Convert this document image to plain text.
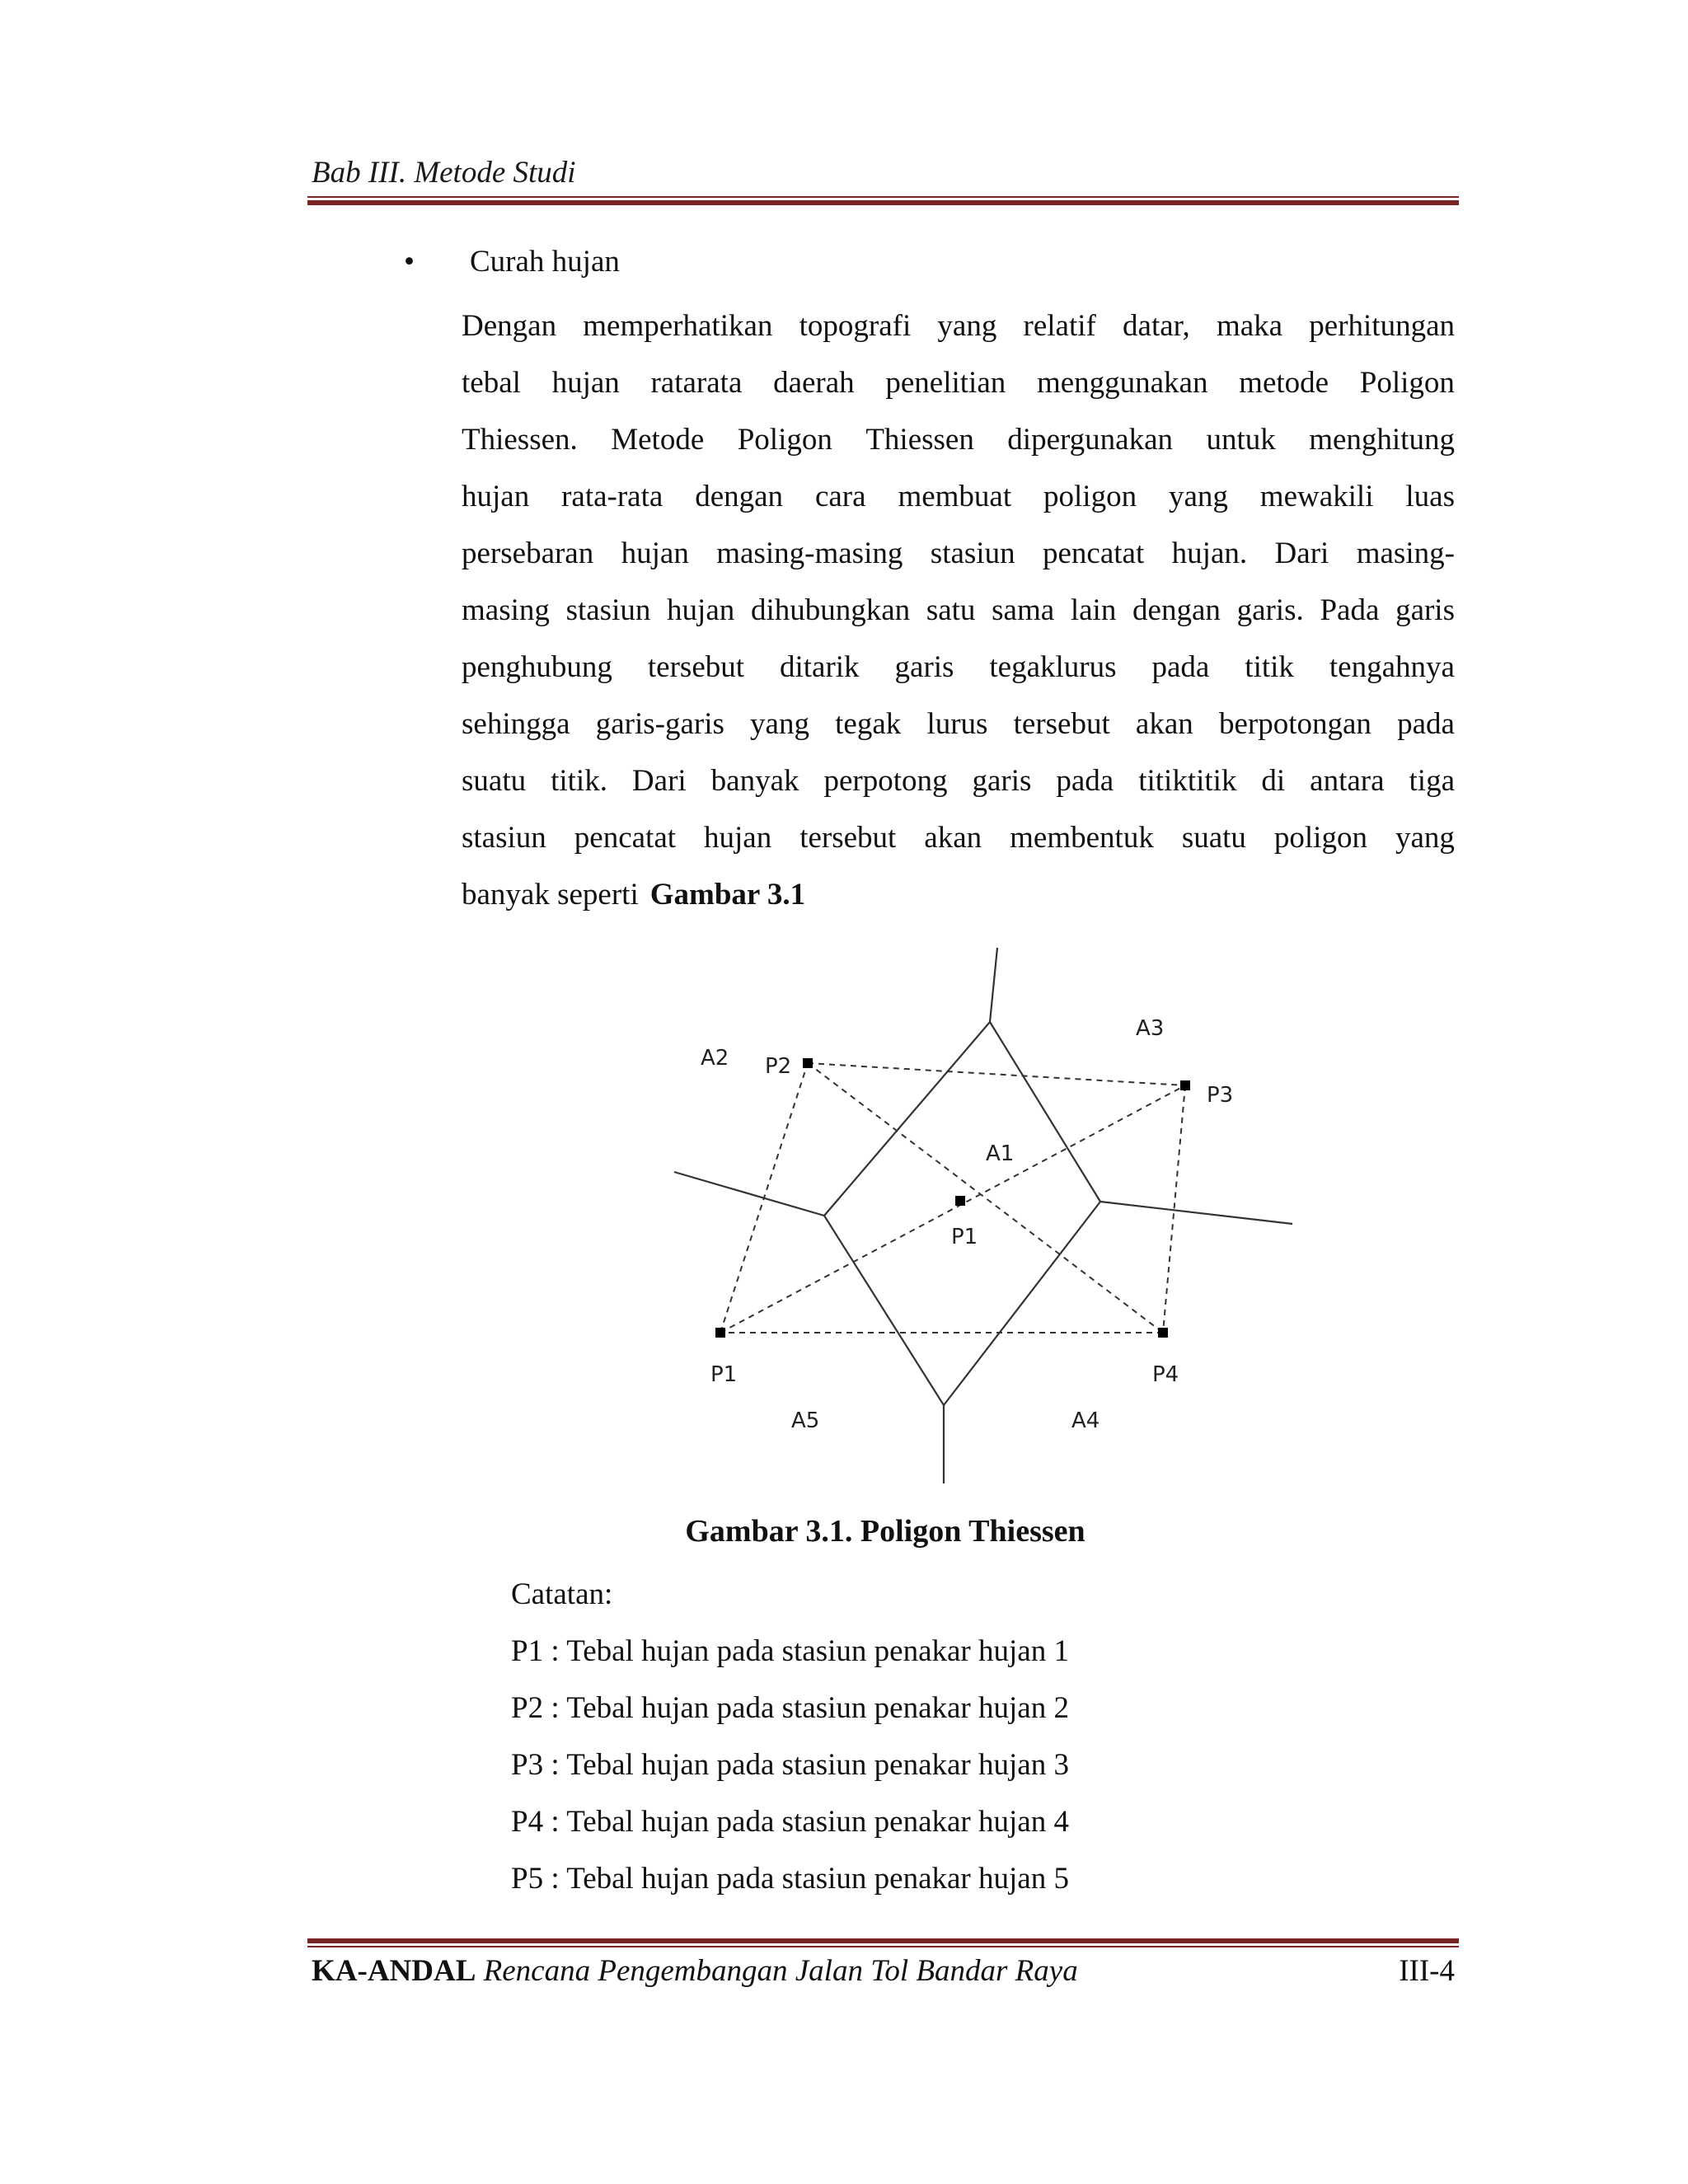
Bab III. Metode Studi
• Curah hujan
Dengan memperhatikan topografi yang relatif datar, maka perhitungan
tebal hujan ratarata daerah penelitian menggunakan metode Poligon
Thiessen. Metode Poligon Thiessen dipergunakan untuk menghitung
hujan rata-rata dengan cara membuat poligon yang mewakili luas
persebaran hujan masing-masing stasiun pencatat hujan. Dari masing-
masing stasiun hujan dihubungkan satu sama lain dengan garis. Pada garis
penghubung tersebut ditarik garis tegaklurus pada titik tengahnya
sehingga garis-garis yang tegak lurus tersebut akan berpotongan pada
suatu titik. Dari banyak perpotong garis pada titiktitik di antara tiga
stasiun pencatat hujan tersebut akan membentuk suatu poligon yang
banyak seperti Gambar 3.1
A2 P2
A3
P3
A1
P1
P1	P4
A5	A4
Gambar 3.1. Poligon Thiessen
Catatan:
P1 : Tebal hujan pada stasiun penakar hujan 1
P2 : Tebal hujan pada stasiun penakar hujan 2
P3 : Tebal hujan pada stasiun penakar hujan 3
P4 : Tebal hujan pada stasiun penakar hujan 4
P5 : Tebal hujan pada stasiun penakar hujan 5
KA-ANDAL Rencana Pengembangan Jalan Tol Bandar Raya	III-4
